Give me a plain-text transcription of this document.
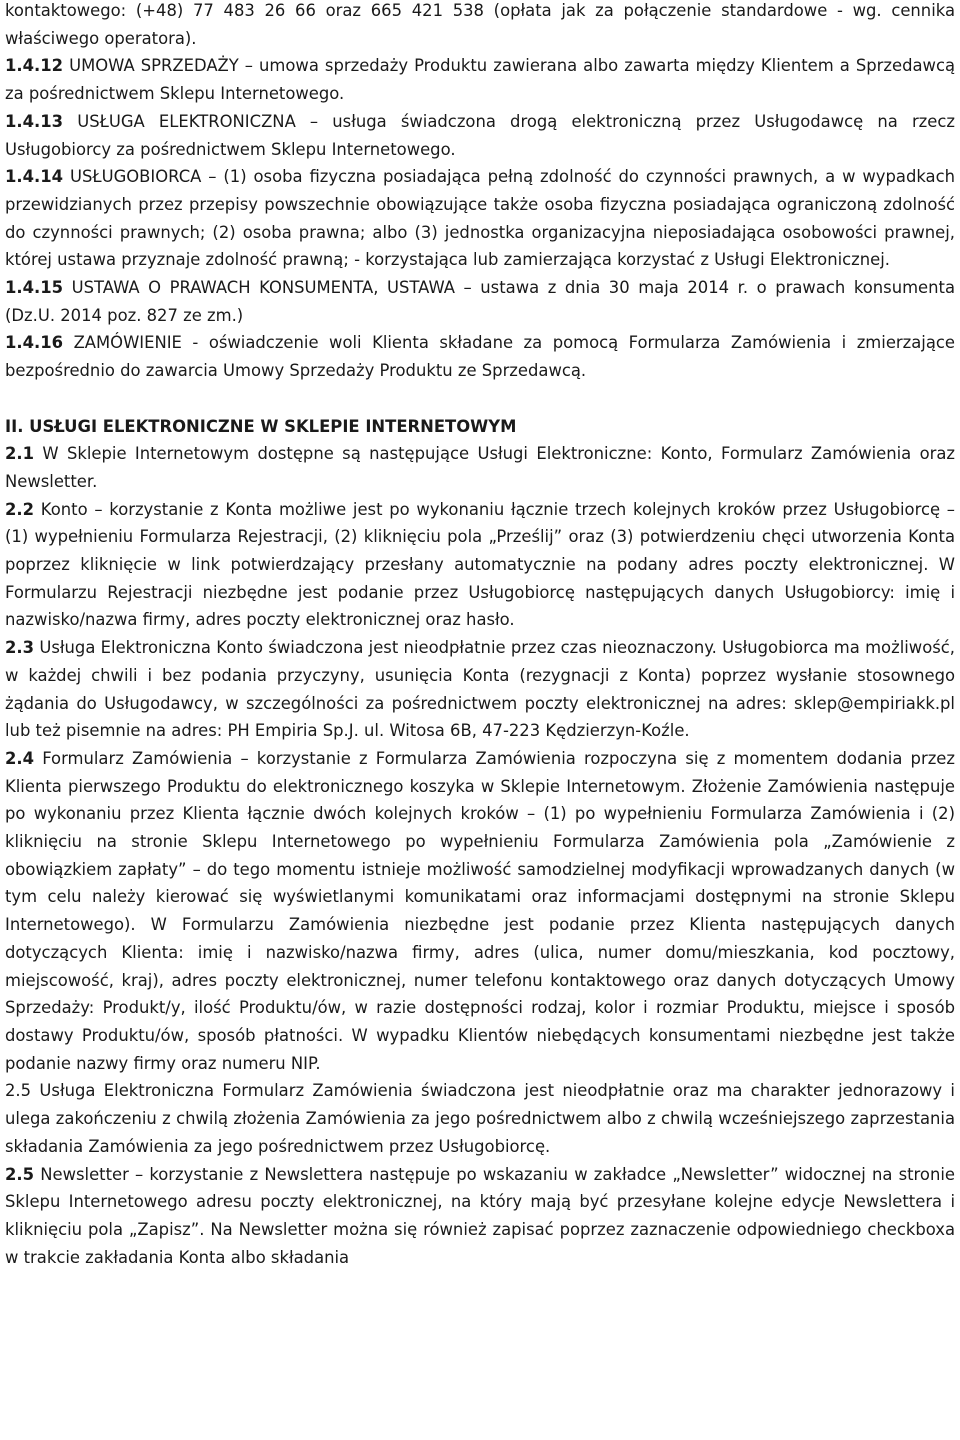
kontaktowego: (+48) 77 483 26 66 oraz 665 421 538 (opłata jak za połączenie standardowe - wg. cennika właściwego operatora).

1.4.12 UMOWA SPRZEDAŻY – umowa sprzedaży Produktu zawierana albo zawarta między Klientem a Sprzedawcą za pośrednictwem Sklepu Internetowego.

1.4.13 USŁUGA ELEKTRONICZNA – usługa świadczona drogą elektroniczną przez Usługodawcę na rzecz Usługobiorcy za pośrednictwem Sklepu Internetowego.

1.4.14 USŁUGOBIORCA – (1) osoba fizyczna posiadająca pełną zdolność do czynności prawnych, a w wypadkach przewidzianych przez przepisy powszechnie obowiązujące także osoba fizyczna posiadająca ograniczoną zdolność do czynności prawnych; (2) osoba prawna; albo (3) jednostka organizacyjna nieposiadająca osobowości prawnej, której ustawa przyznaje zdolność prawną; - korzystająca lub zamierzająca korzystać z Usługi Elektronicznej.

1.4.15 USTAWA O PRAWACH KONSUMENTA, USTAWA – ustawa z dnia 30 maja 2014 r. o prawach konsumenta (Dz.U. 2014 poz. 827 ze zm.)

1.4.16 ZAMÓWIENIE - oświadczenie woli Klienta składane za pomocą Formularza Zamówienia i zmierzające bezpośrednio do zawarcia Umowy Sprzedaży Produktu ze Sprzedawcą.

II. USŁUGI ELEKTRONICZNE W SKLEPIE INTERNETOWYM

2.1 W Sklepie Internetowym dostępne są następujące Usługi Elektroniczne: Konto, Formularz Zamówienia oraz Newsletter.

2.2 Konto – korzystanie z Konta możliwe jest po wykonaniu łącznie trzech kolejnych kroków przez Usługobiorcę – (1) wypełnieniu Formularza Rejestracji, (2) kliknięciu pola „Prześlij” oraz (3) potwierdzeniu chęci utworzenia Konta poprzez kliknięcie w link potwierdzający przesłany automatycznie na podany adres poczty elektronicznej. W Formularzu Rejestracji niezbędne jest podanie przez Usługobiorcę następujących danych Usługobiorcy: imię i nazwisko/nazwa firmy, adres poczty elektronicznej oraz hasło.

2.3 Usługa Elektroniczna Konto świadczona jest nieodpłatnie przez czas nieoznaczony. Usługobiorca ma możliwość, w każdej chwili i bez podania przyczyny, usunięcia Konta (rezygnacji z Konta) poprzez wysłanie stosownego żądania do Usługodawcy, w szczególności za pośrednictwem poczty elektronicznej na adres: sklep@empiriakk.pl lub też pisemnie na adres: PH Empiria Sp.J. ul. Witosa 6B, 47-223 Kędzierzyn-Koźle.

2.4 Formularz Zamówienia – korzystanie z Formularza Zamówienia rozpoczyna się z momentem dodania przez Klienta pierwszego Produktu do elektronicznego koszyka w Sklepie Internetowym. Złożenie Zamówienia następuje po wykonaniu przez Klienta łącznie dwóch kolejnych kroków – (1) po wypełnieniu Formularza Zamówienia i (2) kliknięciu na stronie Sklepu Internetowego po wypełnieniu Formularza Zamówienia pola „Zamówienie z obowiązkiem zapłaty” – do tego momentu istnieje możliwość samodzielnej modyfikacji wprowadzanych danych (w tym celu należy kierować się wyświetlanymi komunikatami oraz informacjami dostępnymi na stronie Sklepu Internetowego). W Formularzu Zamówienia niezbędne jest podanie przez Klienta następujących danych dotyczących Klienta: imię i nazwisko/nazwa firmy, adres (ulica, numer domu/mieszkania, kod pocztowy, miejscowość, kraj), adres poczty elektronicznej, numer telefonu kontaktowego oraz danych dotyczących Umowy Sprzedaży: Produkt/y, ilość Produktu/ów, w razie dostępności rodzaj, kolor i rozmiar Produktu, miejsce i sposób dostawy Produktu/ów, sposób płatności. W wypadku Klientów niebędących konsumentami niezbędne jest także podanie nazwy firmy oraz numeru NIP.

2.5 Usługa Elektroniczna Formularz Zamówienia świadczona jest nieodpłatnie oraz ma charakter jednorazowy i ulega zakończeniu z chwilą złożenia Zamówienia za jego pośrednictwem albo z chwilą wcześniejszego zaprzestania składania Zamówienia za jego pośrednictwem przez Usługobiorcę.

2.5 Newsletter – korzystanie z Newslettera następuje po wskazaniu w zakładce „Newsletter” widocznej na stronie Sklepu Internetowego adresu poczty elektronicznej, na który mają być przesyłane kolejne edycje Newslettera i kliknięciu pola „Zapisz”. Na Newsletter można się również zapisać poprzez zaznaczenie odpowiedniego checkboxa w trakcie zakładania Konta albo składania
